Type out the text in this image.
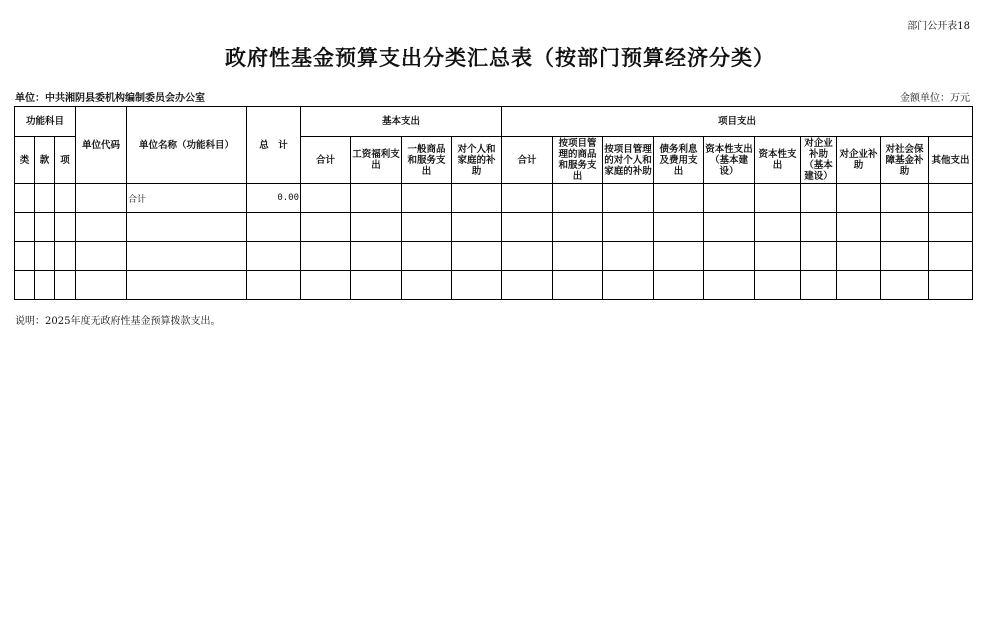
部门公开表18
政府性基金预算支出分类汇总表（按部门预算经济分类）
单位：中共湘阴县委机构编制委员会办公室	金额单位：万元
功能科目			单位代码	单位名称（功能科目）	总　计	基本支出				项目支出									
类	款	项				合计	工资福利支出	一般商品和服务支出	对个人和家庭的补助	合计	按项目管理的商品和服务支出	按项目管理的对个人和家庭的补助	债务利息及费用支出	资本性支出（基本建设）	资本性支出	对企业补助（基本建设）	对企业补助	对社会保障基金补助	其他支出
				合计	0.00														

说明：2025年度无政府性基金预算拨款支出。
